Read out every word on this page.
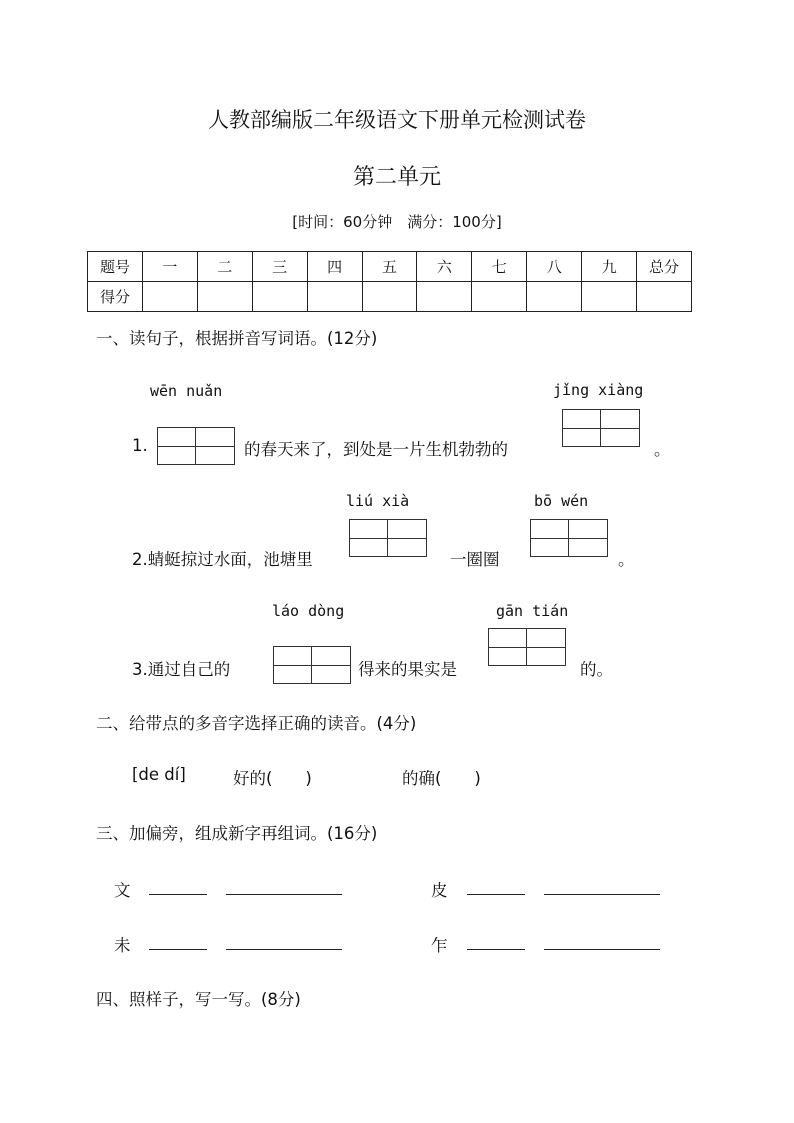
人教部编版二年级语文下册单元检测试卷
第二单元
[时间：60分钟　满分：100分]
题号	一	二	三	四	五	六	七	八	九	总分
得分										
一、读句子，根据拼音写词语。(12分)
wēn nuǎn	jǐng xiàng
1.	的春天来了，到处是一片生机勃勃的	。
liú xià	bō wén
2.蜻蜓掠过水面，池塘里	一圈圈	。
láo dòng	gān tián
3.通过自己的	得来的果实是	的。
二、给带点的多音字选择正确的读音。(4分)
[de dí]	好的(　　)	的确(　　)
三、加偏旁，组成新字再组词。(16分)
文
	皮

未
	乍

四、照样子，写一写。(8分)
